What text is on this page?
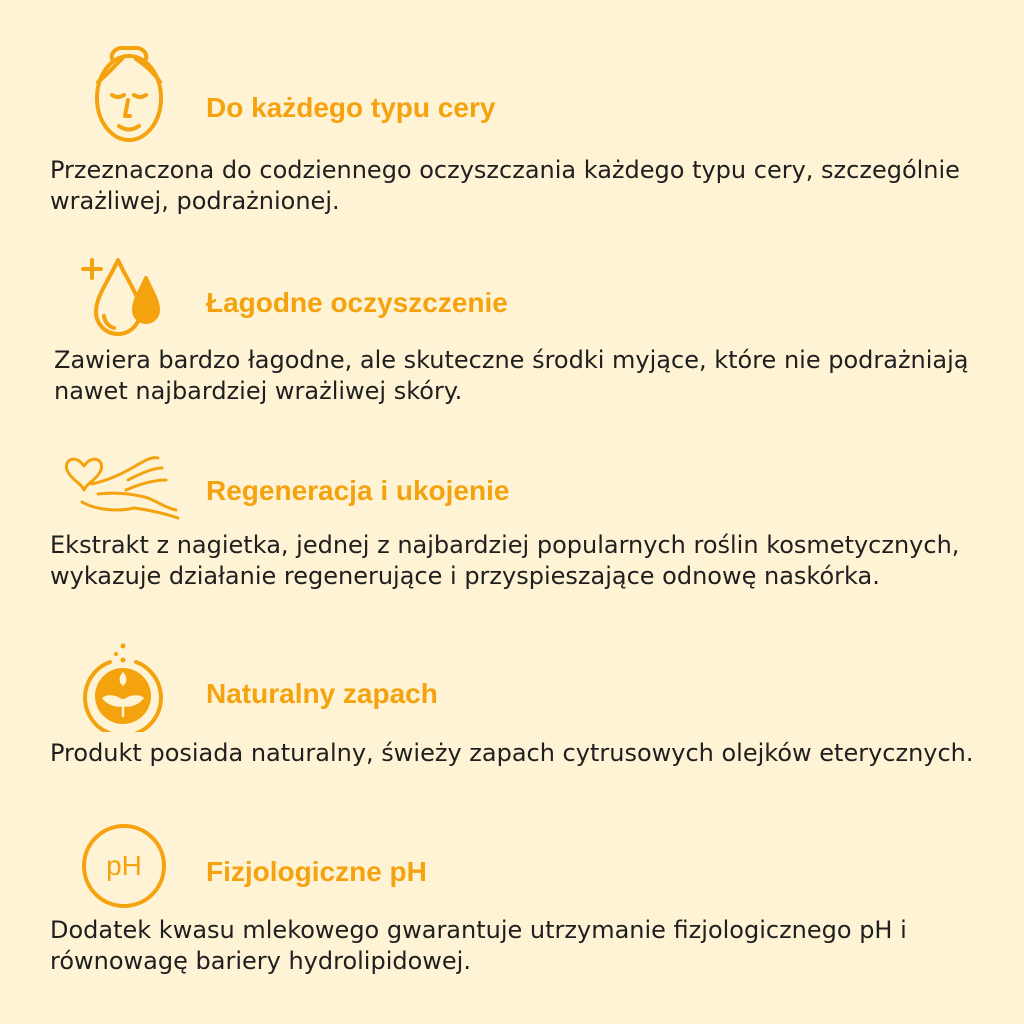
Do każdego typu cery

Przeznaczona do codziennego oczyszczania każdego typu cery, szczególnie wrażliwej, podrażnionej.

Łagodne oczyszczenie

Zawiera bardzo łagodne, ale skuteczne środki myjące, które nie podrażniają nawet najbardziej wrażliwej skóry.

Regeneracja i ukojenie

Ekstrakt z nagietka, jednej z najbardziej popularnych roślin kosmetycznych, wykazuje działanie regenerujące i przyspieszające odnowę naskórka.

Naturalny zapach

Produkt posiada naturalny, świeży zapach cytrusowych olejków eterycznych.

pH Fizjologiczne pH

Dodatek kwasu mlekowego gwarantuje utrzymanie fizjologicznego pH i równowagę bariery hydrolipidowej.
